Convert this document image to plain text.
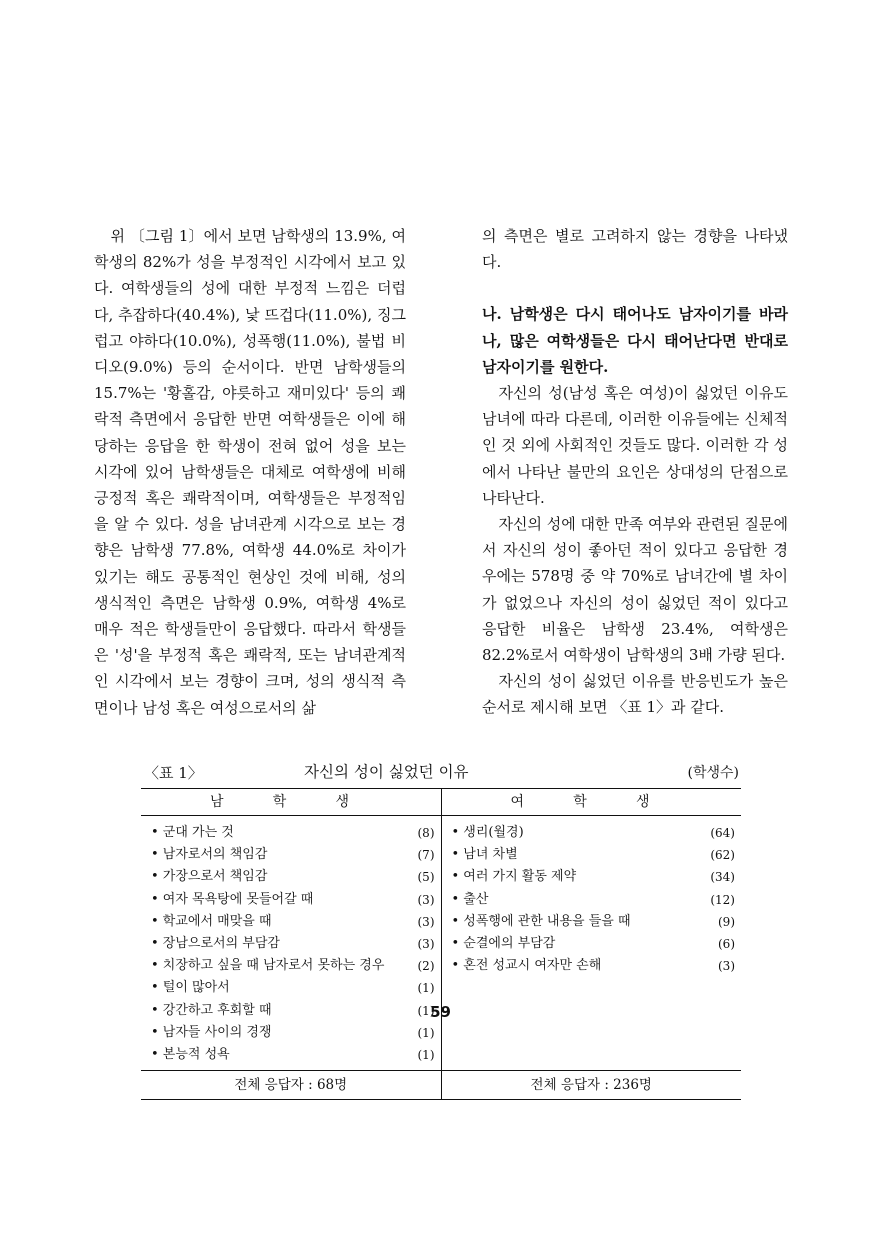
위 〔그림 1〕에서 보면 남학생의 13.9%, 여학생의 82%가 성을 부정적인 시각에서 보고 있다. 여학생들의 성에 대한 부정적 느낌은 더럽다, 추잡하다(40.4%), 낯 뜨겁다(11.0%), 징그럽고 야하다(10.0%), 성폭행(11.0%), 불법 비디오(9.0%) 등의 순서이다. 반면 남학생들의 15.7%는 '황홀감, 야릇하고 재미있다' 등의 쾌락적 측면에서 응답한 반면 여학생들은 이에 해당하는 응답을 한 학생이 전혀 없어 성을 보는 시각에 있어 남학생들은 대체로 여학생에 비해 긍정적 혹은 쾌락적이며, 여학생들은 부정적임을 알 수 있다. 성을 남녀관계 시각으로 보는 경향은 남학생 77.8%, 여학생 44.0%로 차이가 있기는 해도 공통적인 현상인 것에 비해, 성의 생식적인 측면은 남학생 0.9%, 여학생 4%로 매우 적은 학생들만이 응답했다. 따라서 학생들은 '성'을 부정적 혹은 쾌락적, 또는 남녀관계적인 시각에서 보는 경향이 크며, 성의 생식적 측면이나 남성 혹은 여성으로서의 삶

의 측면은 별로 고려하지 않는 경향을 나타냈다.

나. 남학생은 다시 태어나도 남자이기를 바라나, 많은 여학생들은 다시 태어난다면 반대로 남자이기를 원한다.

자신의 성(남성 혹은 여성)이 싫었던 이유도 남녀에 따라 다른데, 이러한 이유들에는 신체적인 것 외에 사회적인 것들도 많다. 이러한 각 성에서 나타난 불만의 요인은 상대성의 단점으로 나타난다.

자신의 성에 대한 만족 여부와 관련된 질문에서 자신의 성이 좋아던 적이 있다고 응답한 경우에는 578명 중 약 70%로 남녀간에 별 차이가 없었으나 자신의 성이 싫었던 적이 있다고 응답한 비율은 남학생 23.4%, 여학생은 82.2%로서 여학생이 남학생의 3배 가량 된다.

자신의 성이 싫었던 이유를 반응빈도가 높은 순서로 제시해 보면 〈표 1〉과 같다.

〈표 1〉	자신의 성이 싫었던 이유	(학생수)
남 학 생	여 학 생
• 군대 가는 것	(8)
• 남자로서의 책임감	(7)
• 가장으로서 책임감	(5)
• 여자 목욕탕에 못들어갈 때	(3)
• 학교에서 매맞을 때	(3)
• 장남으로서의 부담감	(3)
• 치장하고 싶을 때 남자로서 못하는 경우	(2)
• 털이 많아서	(1)
• 강간하고 후회할 때	(1)
• 남자들 사이의 경쟁	(1)
• 본능적 성욕	(1)
• 생리(월경)	(64)
• 남녀 차별	(62)
• 여러 가지 활동 제약	(34)
• 출산	(12)
• 성폭행에 관한 내용을 들을 때	(9)
• 순결에의 부담감	(6)
• 혼전 성교시 여자만 손해	(3)
전체 응답자 : 68명	전체 응답자 : 236명
59
